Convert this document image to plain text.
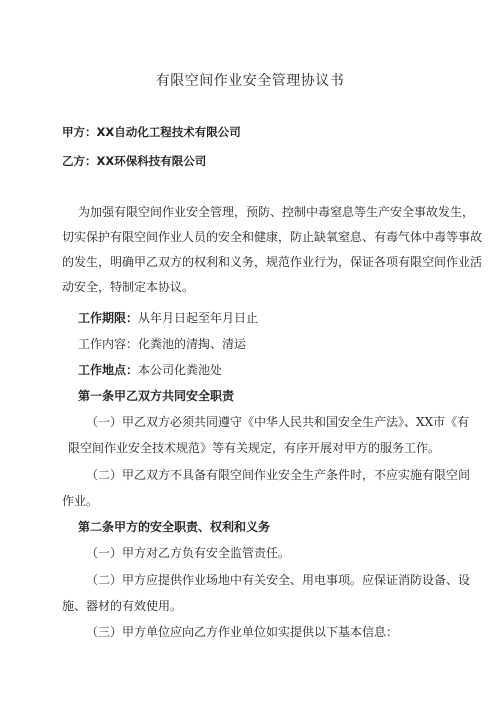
有限空间作业安全管理协议书
甲方：XX自动化工程技术有限公司
乙方：XX环保科技有限公司
为加强有限空间作业安全管理，预防、控制中毒窒息等生产安全事故发生，
切实保护有限空间作业人员的安全和健康，防止缺氧窒息、有毒气体中毒等事故
的发生，明确甲乙双方的权利和义务，规范作业行为，保证各项有限空间作业活
动安全，特制定本协议。
工作期限：从年月日起至年月日止
工作内容：化粪池的清掏、清运
工作地点：本公司化粪池处
第一条甲乙双方共同安全职责
（一）甲乙双方必须共同遵守《中华人民共和国安全生产法》、XX市《有
限空间作业安全技术规范》等有关规定，有序开展对甲方的服务工作。
（二）甲乙双方不具备有限空间作业安全生产条件时，不应实施有限空间
作业。
第二条甲方的安全职责、权利和义务
（一）甲方对乙方负有安全监管责任。
（二）甲方应提供作业场地中有关安全、用电事项。应保证消防设备、设
施、器材的有效使用。
（三）甲方单位应向乙方作业单位如实提供以下基本信息：
